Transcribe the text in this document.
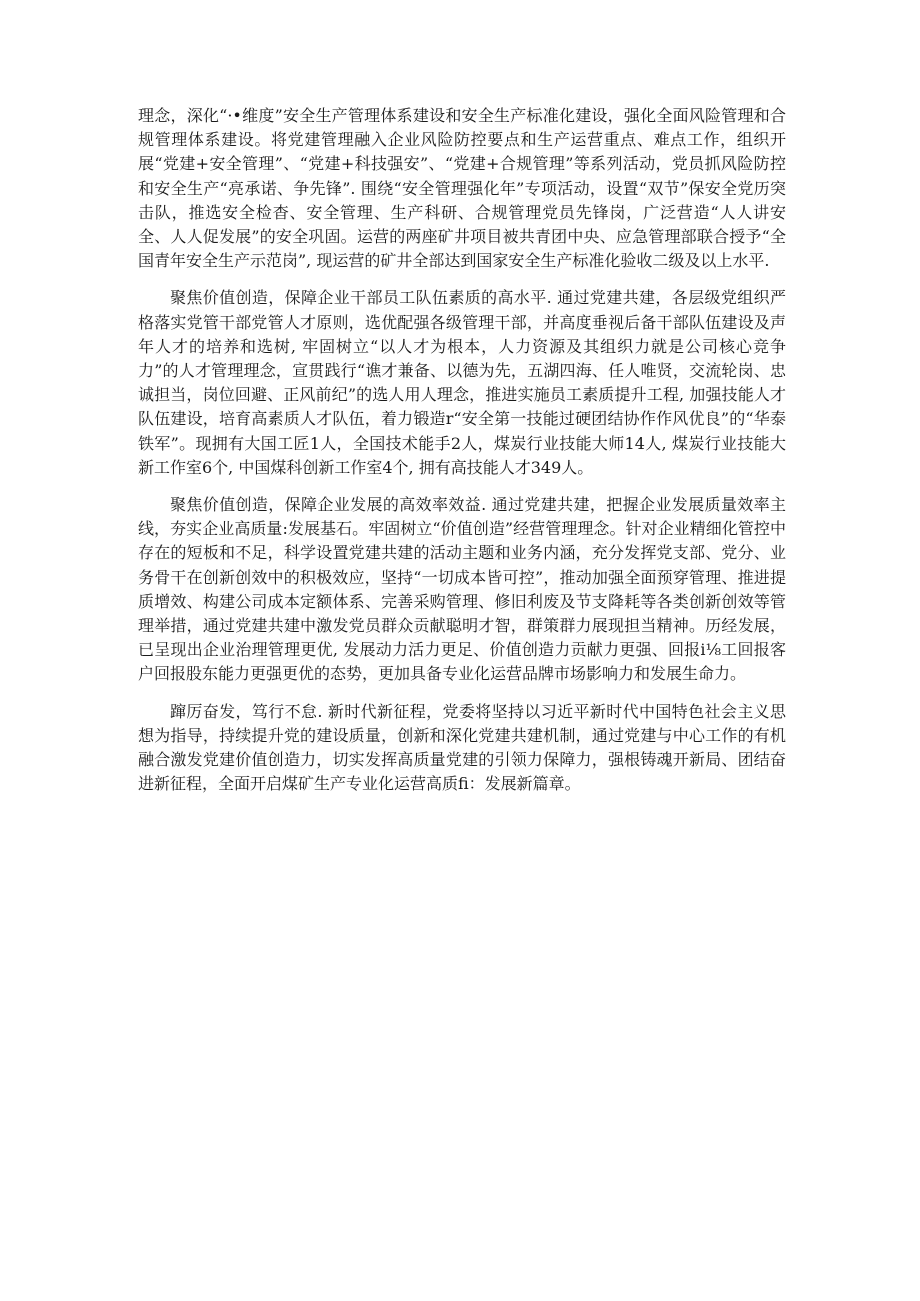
理念，深化“·•维度”安全生产管理体系建设和安全生产标准化建设，强化全面风险管理和合规管理体系建设。将党建管理融入企业风险防控要点和生产运营重点、难点工作，组织开展“党建+安全管理”、“党建+科技强安”、“党建+合规管理”等系列活动，党员抓风险防控和安全生产“亮承诺、争先锋”. 围绕“安全管理强化年”专项活动，设置“双节”保安全党历突击队，推选安全检杳、安全管理、生产科研、合规管理党员先锋岗，广泛营造“人人讲安全、人人促发展”的安全巩固。运营的两座矿井项目被共青团中央、应急管理部联合授予“全国青年安全生产示范岗”, 现运营的矿井全部达到国家安全生产标准化验收二级及以上水平.

聚焦价值创造，保障企业干部员工队伍素质的高水平. 通过党建共建，各层级党组织严格落实党管干部党管人才原则，选优配强各级管理干部，并高度垂视后备干部队伍建设及声年人才的培养和选树, 牢固树立“以人才为根本，人力资源及其组织力就是公司核心竞争力”的人才管理理念，宣贯践行“谯才兼备、以德为先，五湖四海、任人唯贤，交流轮岗、忠诚担当，岗位回避、正风前纪”的选人用人理念，推进实施员工素质提升工程, 加强技能人才队伍建设，培育高素质人才队伍，着力锻造r“安全第一技能过硬团结协作作风优良”的“华泰铁军”。现拥有大国工匠1人，全国技术能手2人，煤炭行业技能大师14人, 煤炭行业技能大新工作室6个, 中国煤科创新工作室4个, 拥有高技能人才349人。

聚焦价值创造，保障企业发展的高效率效益. 通过党建共建，把握企业发展质量效率主线，夯实企业高质量:发展基石。牢固树立“价值创造”经营管理理念。针对企业精细化管控中存在的短板和不足，科学设置党建共建的活动主题和业务内涵，充分发挥党支部、党分、业务骨干在创新创效中的积极效应，坚持“一切成本皆可控”，推动加强全面预穿管理、推进提质增效、构建公司成本定额体系、完善采购管理、修旧利废及节支降耗等各类创新创效等管理举措，通过党建共建中激发党员群众贡献聪明才智，群策群力展现担当精神。历经发展，已呈现出企业治理管理更优, 发展动力活力更足、价值创造力贡献力更强、回报i⅛工回报客户回报股东能力更强更优的态势，更加具备专业化运营品牌市场影响力和发展生命力。

蹿厉奋发，笃行不怠. 新时代新征程，党委将坚持以习近平新时代中国特色社会主义思想为指导，持续提升党的建设质量，创新和深化党建共建机制，通过党建与中心工作的有机融合激发党建价值创造力，切实发挥高质量党建的引领力保障力，强根铸魂开新局、团结奋进新征程，全面开启煤矿生产专业化运营高质fi：发展新篇章。
